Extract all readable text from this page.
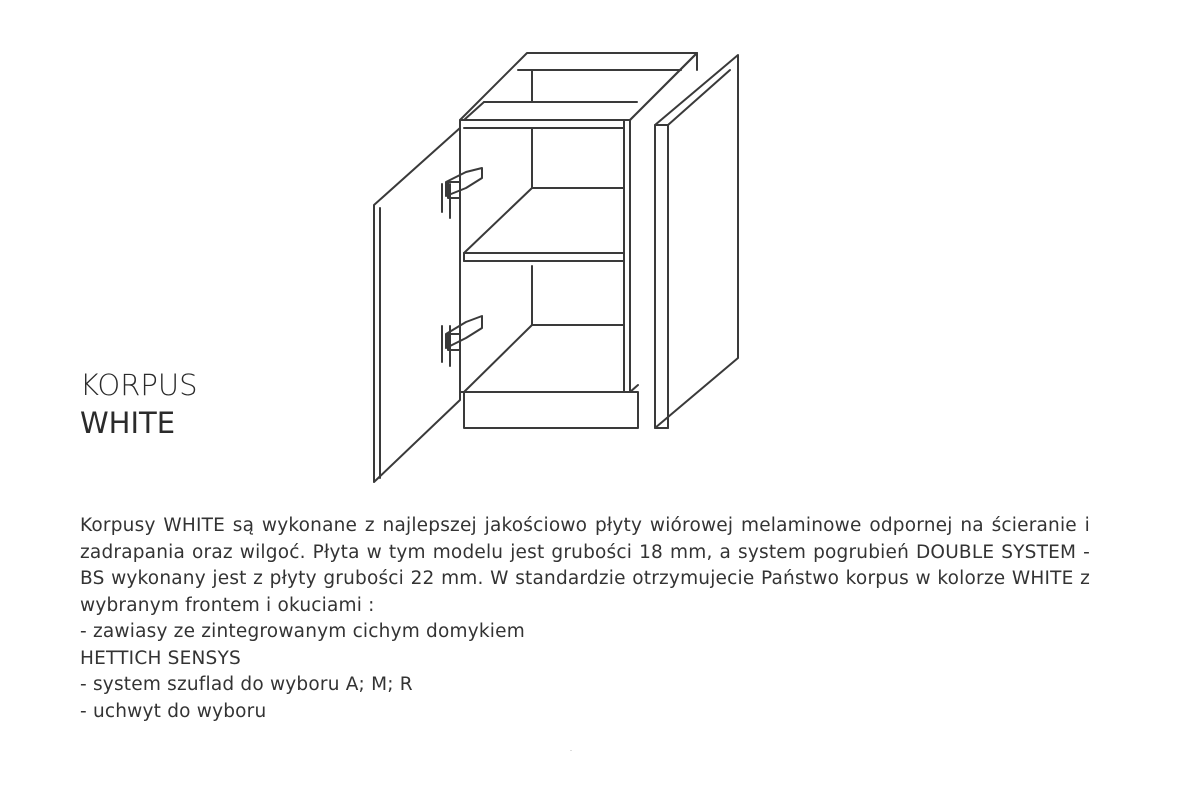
KORPUS
WHITE

Korpusy WHITE są wykonane z najlepszej jakościowo płyty wiórowej melaminowe odpornej na ścieranie i zadrapania oraz wilgoć. Płyta w tym modelu jest grubości 18 mm, a system pogrubień DOUBLE SYSTEM - BS wykonany jest z płyty grubości 22 mm. W standardzie otrzymujecie Państwo korpus w kolorze WHITE z wybranym frontem i okuciami :

- zawiasy ze zintegrowanym cichym domykiem

HETTICH SENSYS

- system szuflad do wyboru A; M; R

- uchwyt do wyboru
